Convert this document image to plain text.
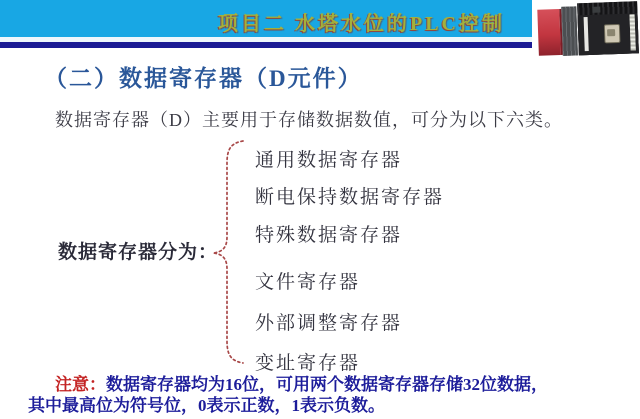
项目二 水塔水位的PLC控制
（二）数据寄存器（D元件）
数据寄存器（D）主要用于存储数据数值，可分为以下六类。
数据寄存器分为：
通用数据寄存器
断电保持数据寄存器
特殊数据寄存器
文件寄存器
外部调整寄存器
变址寄存器
注意：数据寄存器均为16位，可用两个数据寄存器存储32位数据，
其中最高位为符号位，0表示正数，1表示负数。
